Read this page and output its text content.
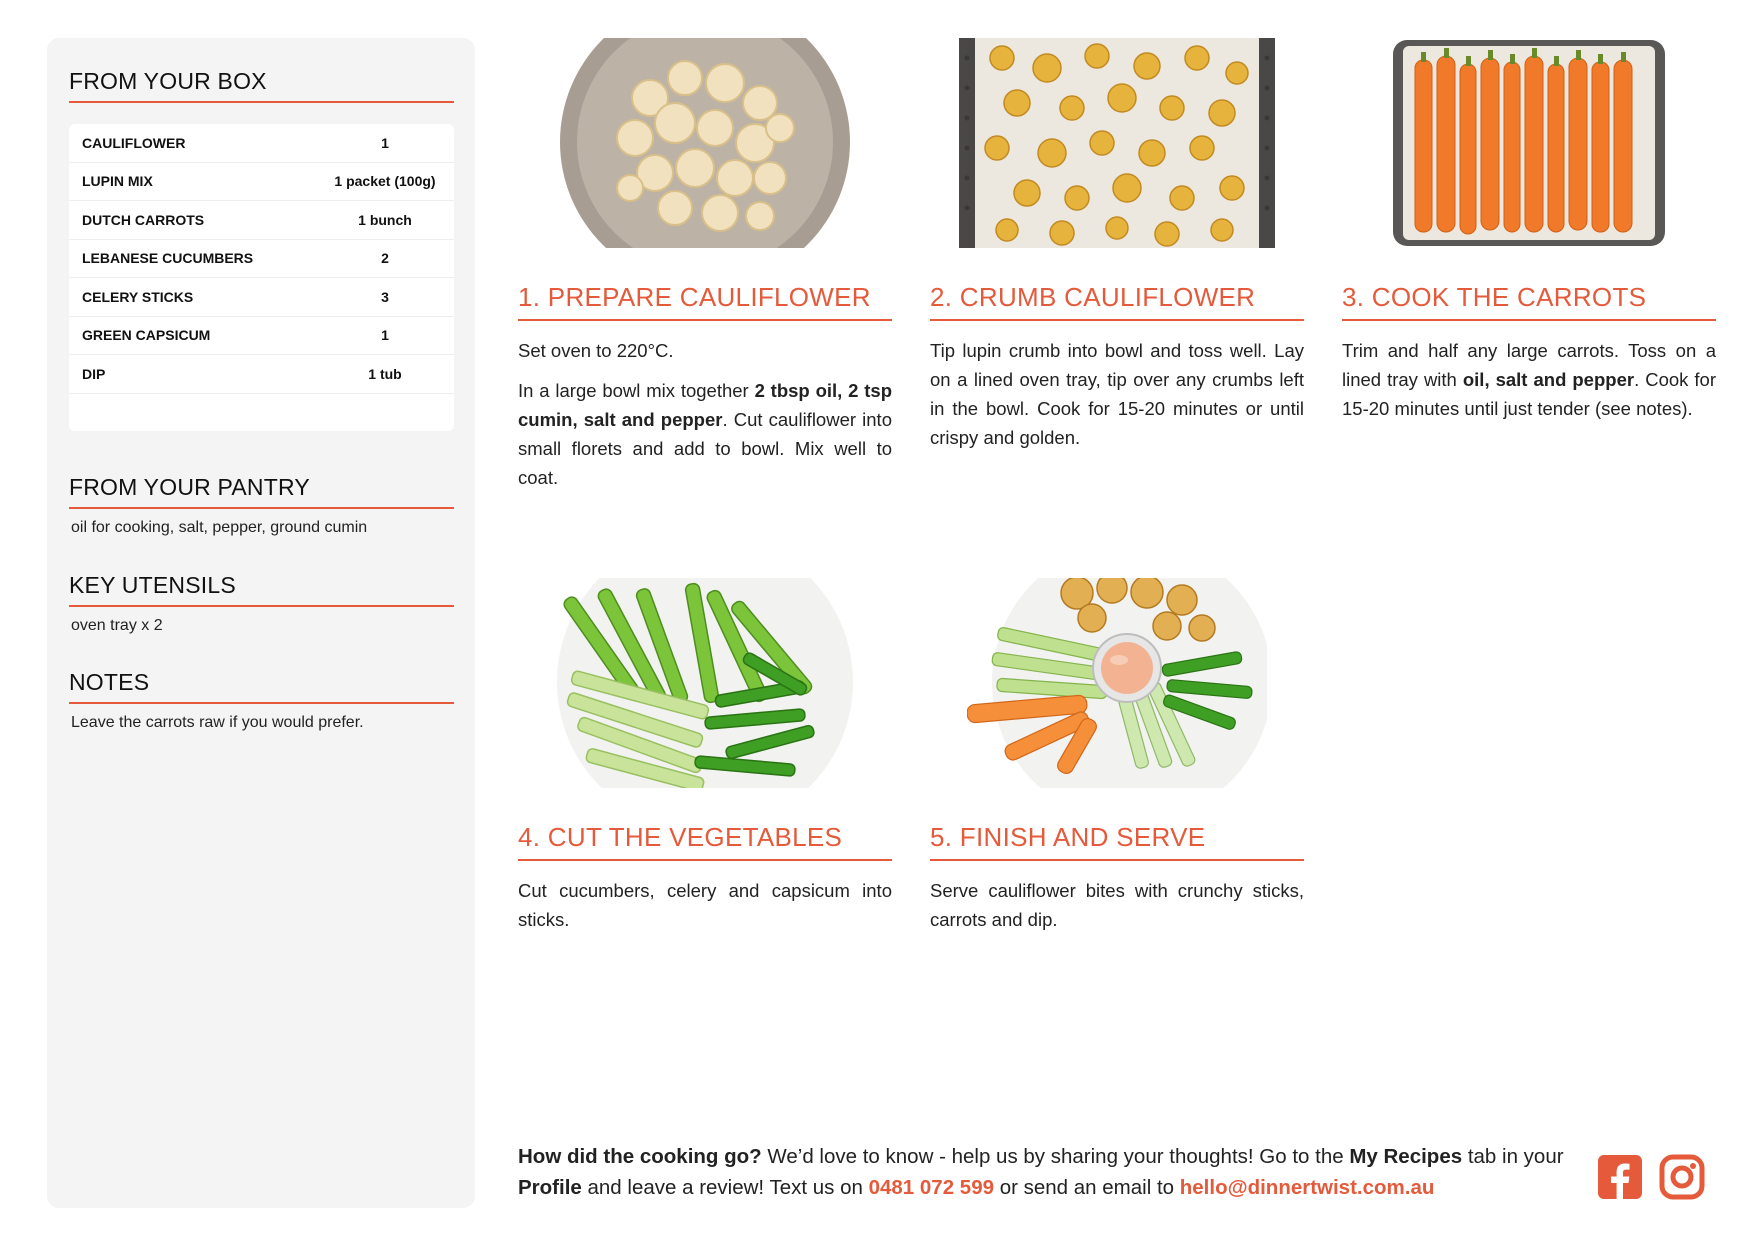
FROM YOUR BOX
CAULIFLOWER	1
LUPIN MIX	1 packet (100g)
DUTCH CARROTS	1 bunch
LEBANESE CUCUMBERS	2
CELERY STICKS	3
GREEN CAPSICUM	1
DIP	1 tub
FROM YOUR PANTRY
oil for cooking, salt, pepper, ground cumin
KEY UTENSILS
oven tray x 2
NOTES
Leave the carrots raw if you would prefer.
1. PREPARE CAULIFLOWER

Set oven to 220°C.

In a large bowl mix together 2 tbsp oil, 2 tsp cumin, salt and pepper. Cut cauliflower into small florets and add to bowl. Mix well to coat.

2. CRUMB CAULIFLOWER

Tip lupin crumb into bowl and toss well. Lay on a lined oven tray, tip over any crumbs left in the bowl. Cook for 15-20 minutes or until crispy and golden.

3. COOK THE CARROTS

Trim and half any large carrots. Toss on a lined tray with oil, salt and pepper. Cook for 15-20 minutes until just tender (see notes).

4. CUT THE VEGETABLES

Cut cucumbers, celery and capsicum into sticks.

5. FINISH AND SERVE

Serve cauliflower bites with crunchy sticks, carrots and dip.

How did the cooking go? We’d love to know - help us by sharing your thoughts! Go to the My Recipes tab in your Profile and leave a review! Text us on 0481 072 599 or send an email to hello@dinnertwist.com.au
